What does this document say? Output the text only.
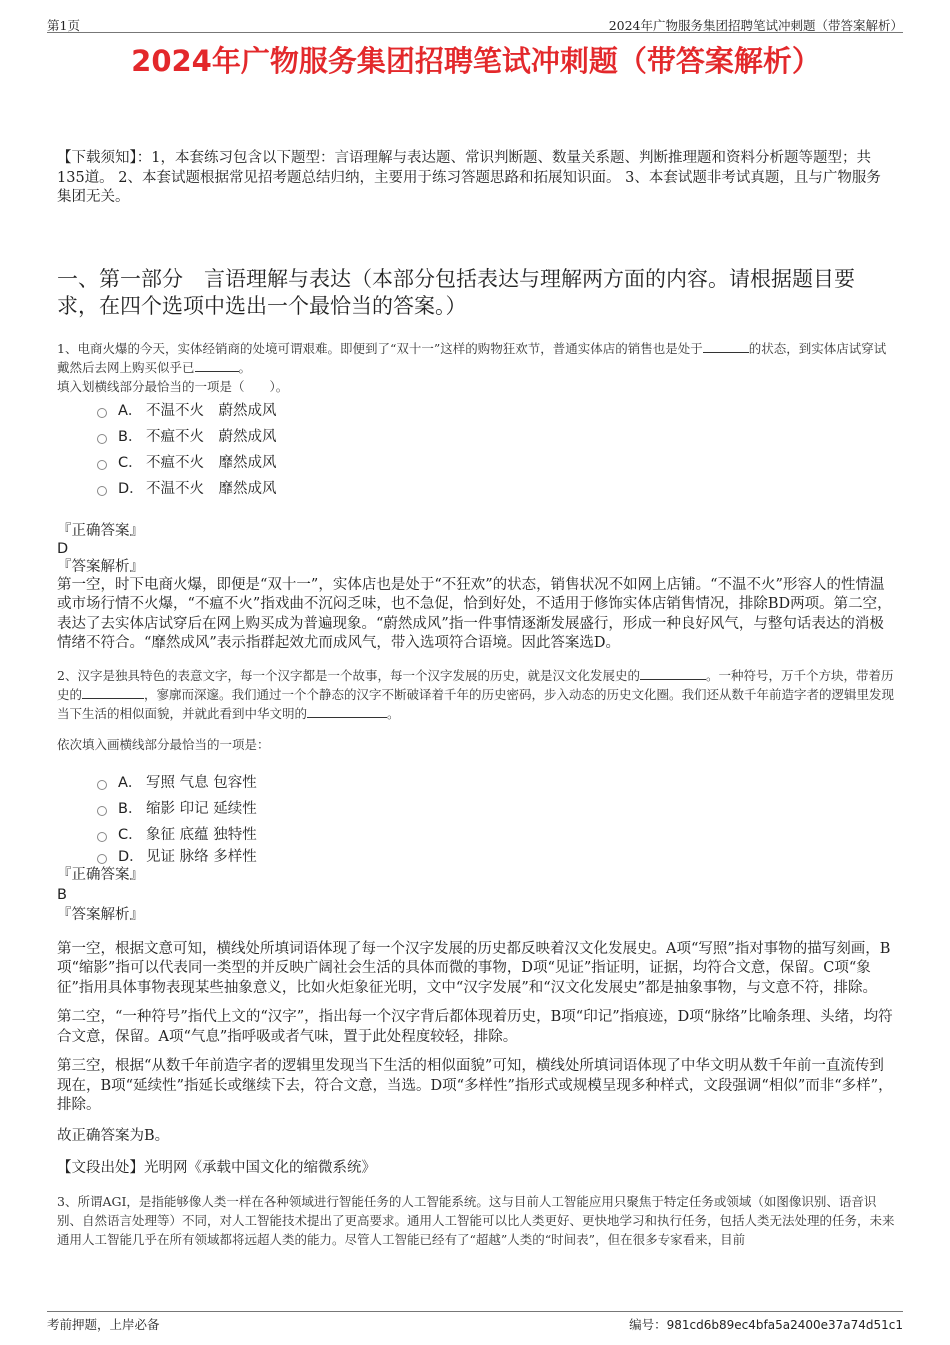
第1页	2024年广物服务集团招聘笔试冲刺题（带答案解析）
2024年广物服务集团招聘笔试冲刺题（带答案解析）
【下载须知】：1，本套练习包含以下题型：言语理解与表达题、常识判断题、数量关系题、判断推理题和资料分析题等题型；共135道。 2、本套试题根据常见招考题总结归纳，主要用于练习答题思路和拓展知识面。 3、本套试题非考试真题，且与广物服务集团无关。
一、第一部分　言语理解与表达（本部分包括表达与理解两方面的内容。请根据题目要求，在四个选项中选出一个最恰当的答案。）
1、电商火爆的今天，实体经销商的处境可谓艰难。即便到了“双十一”这样的购物狂欢节，普通实体店的销售也是处于	的状态，到实体店试穿试戴然后去网上购买似乎已	。
填入划横线部分最恰当的一项是（　　）。
A． 不温不火　蔚然成风
B． 不瘟不火　蔚然成风
C． 不瘟不火　靡然成风
D． 不温不火　靡然成风
『正确答案』
D
『答案解析』
第一空，时下电商火爆，即便是“双十一”，实体店也是处于“不狂欢”的状态，销售状况不如网上店铺。“不温不火”形容人的性情温或市场行情不火爆，“不瘟不火”指戏曲不沉闷乏味，也不急促，恰到好处，不适用于修饰实体店销售情况，排除BD两项。第二空，表达了去实体店试穿后在网上购买成为普遍现象。“蔚然成风”指一件事情逐渐发展盛行，形成一种良好风气，与整句话表达的消极情绪不符合。“靡然成风”表示指群起效尤而成风气，带入选项符合语境。因此答案选D。
2、汉字是独具特色的表意文字，每一个汉字都是一个故事，每一个汉字发展的历史，就是汉文化发展史的	。一种符号，万千个方块，带着历史的	，寥廓而深邃。我们通过一个个静态的汉字不断破译着千年的历史密码，步入动态的历史文化圈。我们还从数千年前造字者的逻辑里发现当下生活的相似面貌，并就此看到中华文明的	。
依次填入画横线部分最恰当的一项是：
A． 写照 气息 包容性
B． 缩影 印记 延续性
C． 象征 底蕴 独特性
D． 见证 脉络 多样性
『正确答案』
B
『答案解析』
第一空，根据文意可知，横线处所填词语体现了每一个汉字发展的历史都反映着汉文化发展史。A项“写照”指对事物的描写刻画，B项“缩影”指可以代表同一类型的并反映广阔社会生活的具体而微的事物，D项“见证”指证明，证据，均符合文意，保留。C项“象征”指用具体事物表现某些抽象意义，比如火炬象征光明，文中“汉字发展”和“汉文化发展史”都是抽象事物，与文意不符，排除。
第二空，“一种符号”指代上文的“汉字”，指出每一个汉字背后都体现着历史，B项“印记”指痕迹，D项“脉络”比喻条理、头绪，均符合文意，保留。A项“气息”指呼吸或者气味，置于此处程度较轻，排除。
第三空，根据“从数千年前造字者的逻辑里发现当下生活的相似面貌”可知，横线处所填词语体现了中华文明从数千年前一直流传到现在，B项“延续性”指延长或继续下去，符合文意，当选。D项“多样性”指形式或规模呈现多种样式，文段强调“相似”而非“多样”，排除。
故正确答案为B。
【文段出处】光明网《承载中国文化的缩微系统》
3、所谓AGI，是指能够像人类一样在各种领域进行智能任务的人工智能系统。这与目前人工智能应用只聚焦于特定任务或领域（如图像识别、语音识别、自然语言处理等）不同，对人工智能技术提出了更高要求。通用人工智能可以比人类更好、更快地学习和执行任务，包括人类无法处理的任务，未来通用人工智能几乎在所有领域都将远超人类的能力。尽管人工智能已经有了“超越”人类的“时间表”，但在很多专家看来，目前
考前押题，上岸必备	编号：981cd6b89ec4bfa5a2400e37a74d51c1
